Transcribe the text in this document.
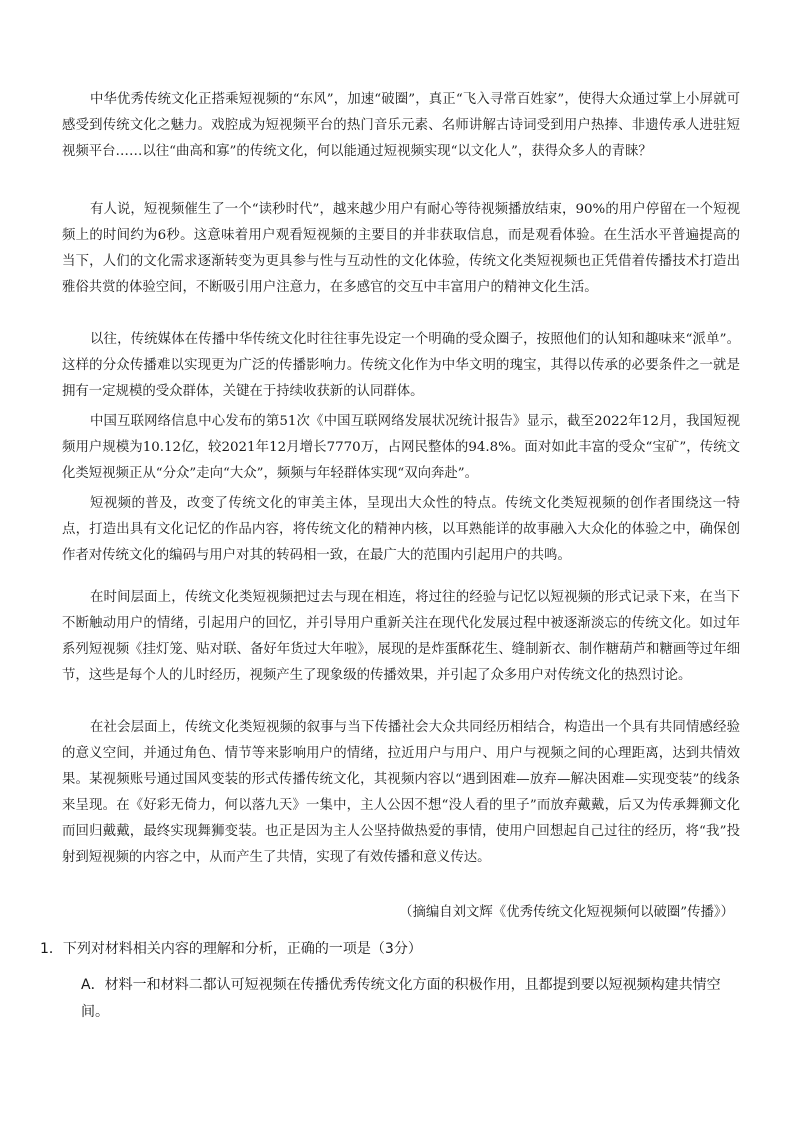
中华优秀传统文化正搭乘短视频的“东风”，加速“破圈”，真正“飞入寻常百姓家”，使得大众通过掌上小屏就可感受到传统文化之魅力。戏腔成为短视频平台的热门音乐元素、名师讲解古诗词受到用户热捧、非遗传承人进驻短视频平台……以往“曲高和寡”的传统文化，何以能通过短视频实现“以文化人”，获得众多人的青睐？

有人说，短视频催生了一个“读秒时代”，越来越少用户有耐心等待视频播放结束，90%的用户停留在一个短视频上的时间约为6秒。这意味着用户观看短视频的主要目的并非获取信息，而是观看体验。在生活水平普遍提高的当下，人们的文化需求逐渐转变为更具参与性与互动性的文化体验，传统文化类短视频也正凭借着传播技术打造出雅俗共赏的体验空间，不断吸引用户注意力，在多感官的交互中丰富用户的精神文化生活。

以往，传统媒体在传播中华传统文化时往往事先设定一个明确的受众圈子，按照他们的认知和趣味来“派单”。这样的分众传播难以实现更为广泛的传播影响力。传统文化作为中华文明的瑰宝，其得以传承的必要条件之一就是拥有一定规模的受众群体，关键在于持续收获新的认同群体。

中国互联网络信息中心发布的第51次《中国互联网络发展状况统计报告》显示，截至2022年12月，我国短视频用户规模为10.12亿，较2021年12月增长7770万，占网民整体的94.8%。面对如此丰富的受众“宝矿”，传统文化类短视频正从“分众”走向“大众”，频频与年轻群体实现“双向奔赴”。

短视频的普及，改变了传统文化的审美主体，呈现出大众性的特点。传统文化类短视频的创作者围绕这一特点，打造出具有文化记忆的作品内容，将传统文化的精神内核，以耳熟能详的故事融入大众化的体验之中，确保创作者对传统文化的编码与用户对其的转码相一致，在最广大的范围内引起用户的共鸣。

在时间层面上，传统文化类短视频把过去与现在相连，将过往的经验与记忆以短视频的形式记录下来，在当下不断触动用户的情绪，引起用户的回忆，并引导用户重新关注在现代化发展过程中被逐渐淡忘的传统文化。如过年系列短视频《挂灯笼、贴对联、备好年货过大年啦》，展现的是炸蛋酥花生、缝制新衣、制作糖葫芦和糖画等过年细节，这些是每个人的儿时经历，视频产生了现象级的传播效果，并引起了众多用户对传统文化的热烈讨论。

在社会层面上，传统文化类短视频的叙事与当下传播社会大众共同经历相结合，构造出一个具有共同情感经验的意义空间，并通过角色、情节等来影响用户的情绪，拉近用户与用户、用户与视频之间的心理距离，达到共情效果。某视频账号通过国风变装的形式传播传统文化，其视频内容以“遇到困难—放弃—解决困难—实现变装”的线条来呈现。在《好彩无倚力，何以落九天》一集中，主人公因不想“没人看的里子”而放弃戴戴，后又为传承舞狮文化而回归戴戴，最终实现舞狮变装。也正是因为主人公坚持做热爱的事情，使用户回想起自己过往的经历，将“我”投射到短视频的内容之中，从而产生了共情，实现了有效传播和意义传达。

（摘编自刘文辉《优秀传统文化短视频何以破圈”传播》）

1．下列对材料相关内容的理解和分析，正确的一项是（3分）

A．材料一和材料二都认可短视频在传播优秀传统文化方面的积极作用，且都提到要以短视频构建共情空间。
